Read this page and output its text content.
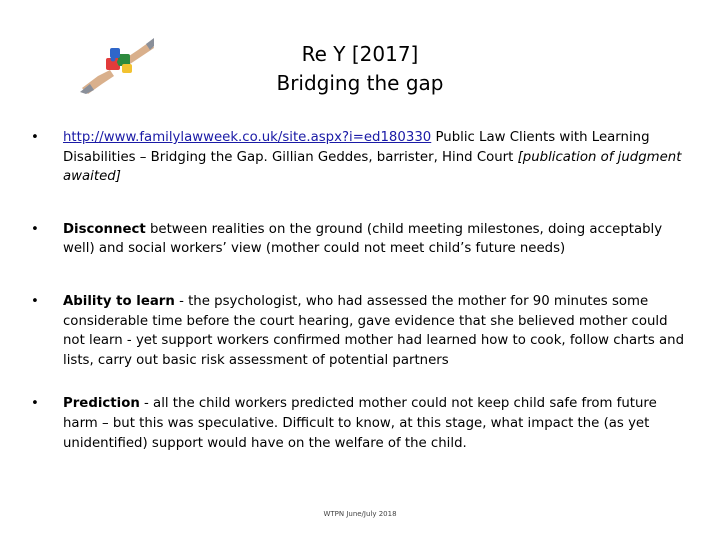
Re Y [2017]
Bridging the gap
• http://www.familylawweek.co.uk/site.aspx?i=ed180330 Public Law Clients with Learning Disabilities – Bridging the Gap. Gillian Geddes, barrister, Hind Court [publication of judgment awaited]
• Disconnect between realities on the ground (child meeting milestones, doing acceptably well) and social workers’ view (mother could not meet child’s future needs)
• Ability to learn - the psychologist, who had assessed the mother for 90 minutes some considerable time before the court hearing, gave evidence that she believed mother could not learn - yet support workers confirmed mother had learned how to cook, follow charts and lists, carry out basic risk assessment of potential partners
• Prediction - all the child workers predicted mother could not keep child safe from future harm – but this was speculative. Difficult to know, at this stage, what impact the (as yet unidentified) support would have on the welfare of the child.
WTPN June/July 2018
